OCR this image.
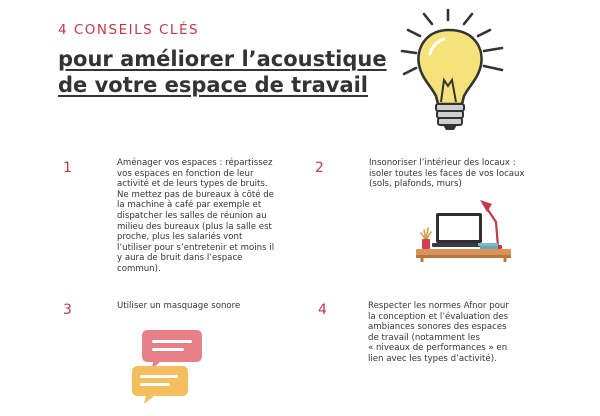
4 CONSEILS CLÉS
pour améliorer l’acoustique
de votre espace de travail
1	Aménager vos espaces : répartissez
vos espaces en fonction de leur
activité et de leurs types de bruits.
Ne mettez pas de bureaux à côté de
la machine à café par exemple et
dispatcher les salles de réunion au
milieu des bureaux (plus la salle est
proche, plus les salariés vont
l’utiliser pour s’entretenir et moins il
y aura de bruit dans l’espace
commun).
2	Insonoriser l’intérieur des locaux :
isoler toutes les faces de vos locaux
(sols, plafonds, murs)
3	Utiliser un masquage sonore	4	Respecter les normes Afnor pour
la conception et l’évaluation des
ambiances sonores des espaces
de travail (notamment les
« niveaux de performances » en
lien avec les types d’activité).
